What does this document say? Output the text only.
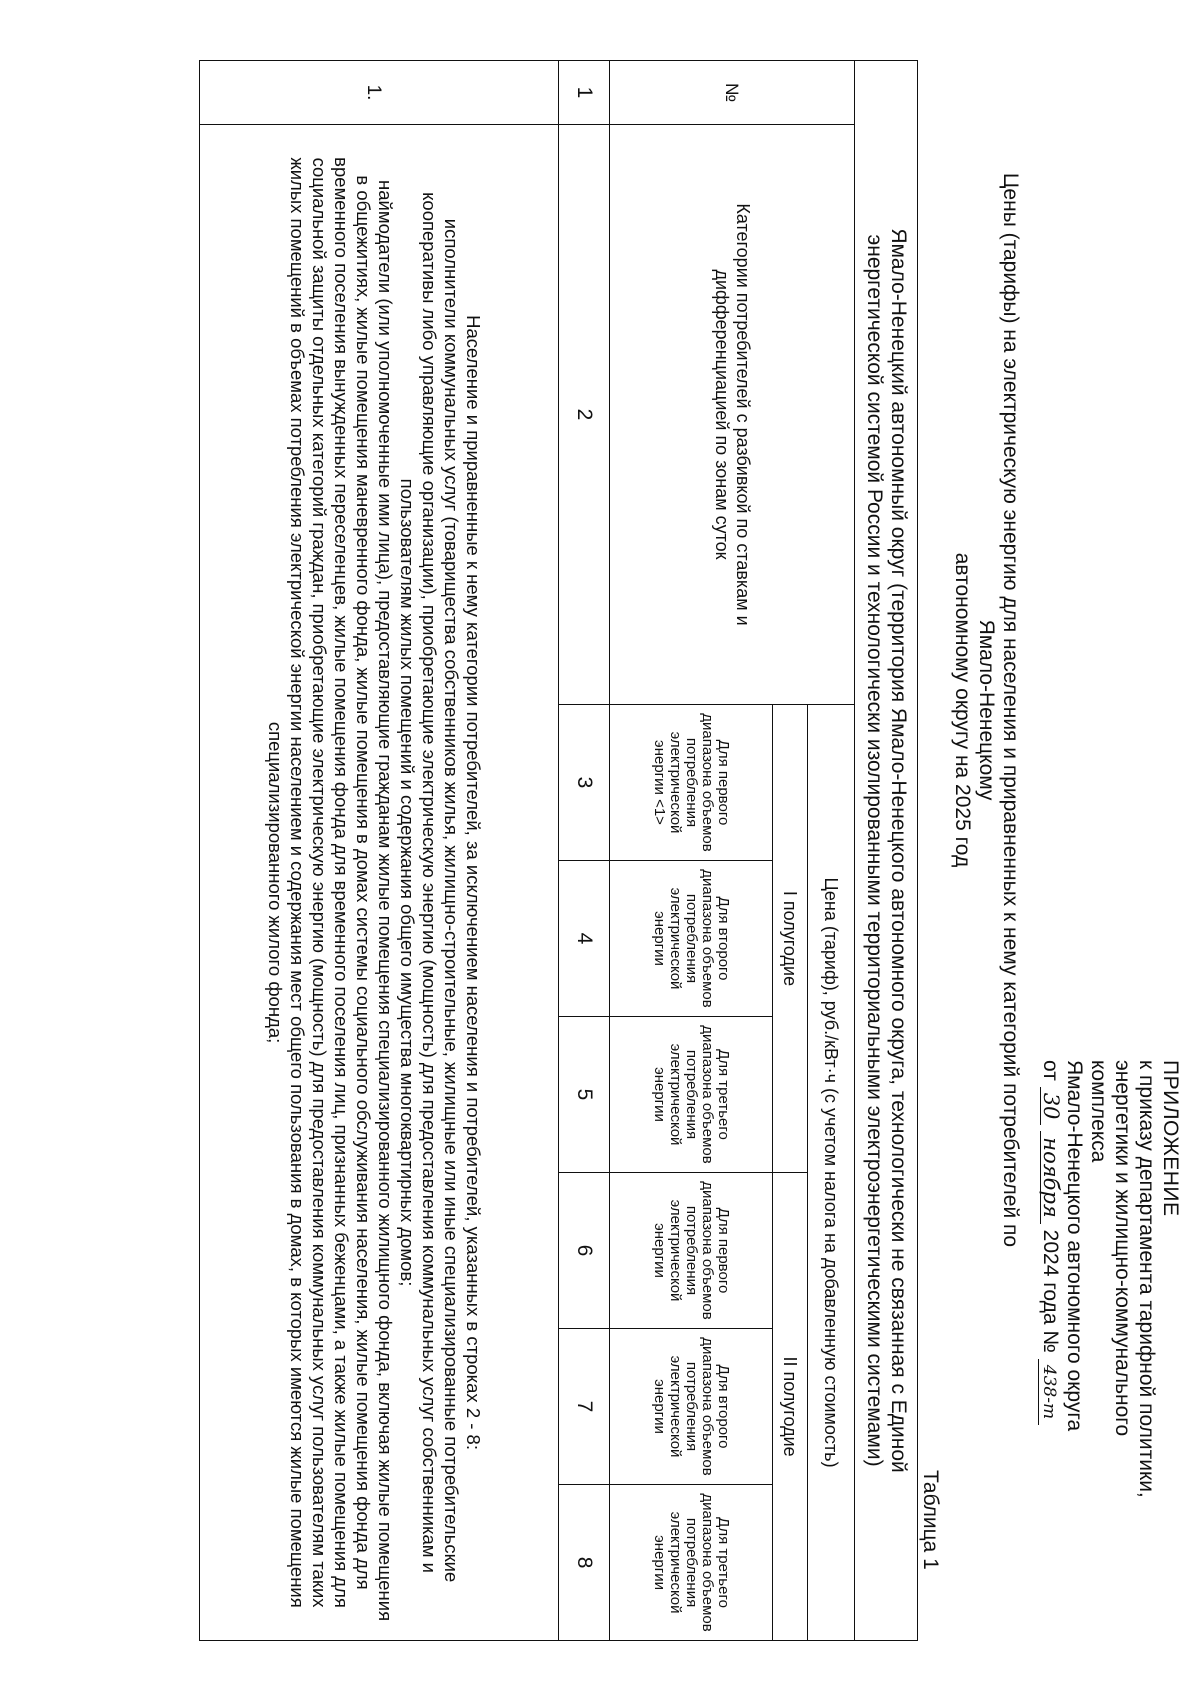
ПРИЛОЖЕНИЕ
к приказу департамента тарифной политики,
энергетики и жилищно-коммунального
комплекса
Ямало-Ненецкого автономного округа
от 30 ноября 2024 года № 438-т
Цены (тарифы) на электрическую энергию для населения и приравненных к нему категорий потребителей по Ямало-Ненецкому
автономному округу на 2025 год
Таблица 1
Ямало-Ненецкий автономный округ (территория Ямало-Ненецкого автономного округа, технологически не связанная с Единой
энергетической системой России и технологически изолированными территориальными электроэнергетическими системами)							

№	Категории потребителей с разбивкой по ставкам и дифференциацией по зонам суток	Цена (тариф), руб./кВт·ч (с учетом налога на добавленную стоимость)					
		I полугодие			II полугодие		
		Для первого диапазона объемов потребления электрической энергии <1>	Для второго диапазона объемов потребления электрической энергии	Для третьего диапазона объемов потребления электрической энергии	Для первого диапазона объемов потребления электрической энергии	Для второго диапазона объемов потребления электрической энергии	Для третьего диапазона объемов потребления электрической энергии
1	2	3	4	5	6	7	8
1.	Население и приравненные к нему категории потребителей, за исключением населения и потребителей, указанных в строках 2 - 8:

исполнители коммунальных услуг (товарищества собственников жилья, жилищно-строительные, жилищные или иные специализированные потребительские кооперативы либо управляющие организации), приобретающие электрическую энергию (мощность) для предоставления коммунальных услуг собственникам и пользователям жилых помещений и содержания общего имущества многоквартирных домов;

наймодатели (или уполномоченные ими лица), предоставляющие гражданам жилые помещения специализированного жилищного фонда, включая жилые помещения в общежитиях, жилые помещения маневренного фонда, жилые помещения в домах системы социального обслуживания населения, жилые помещения фонда для временного поселения вынужденных переселенцев, жилые помещения фонда для временного поселения лиц, признанных беженцами, а также жилые помещения для социальной защиты отдельных категорий граждан, приобретающие электрическую энергию (мощность) для предоставления коммунальных услуг пользователям таких жилых помещений в объемах потребления электрической энергии населением и содержания мест общего пользования в домах, в которых имеются жилые помещения специализированного жилого фонда;						
